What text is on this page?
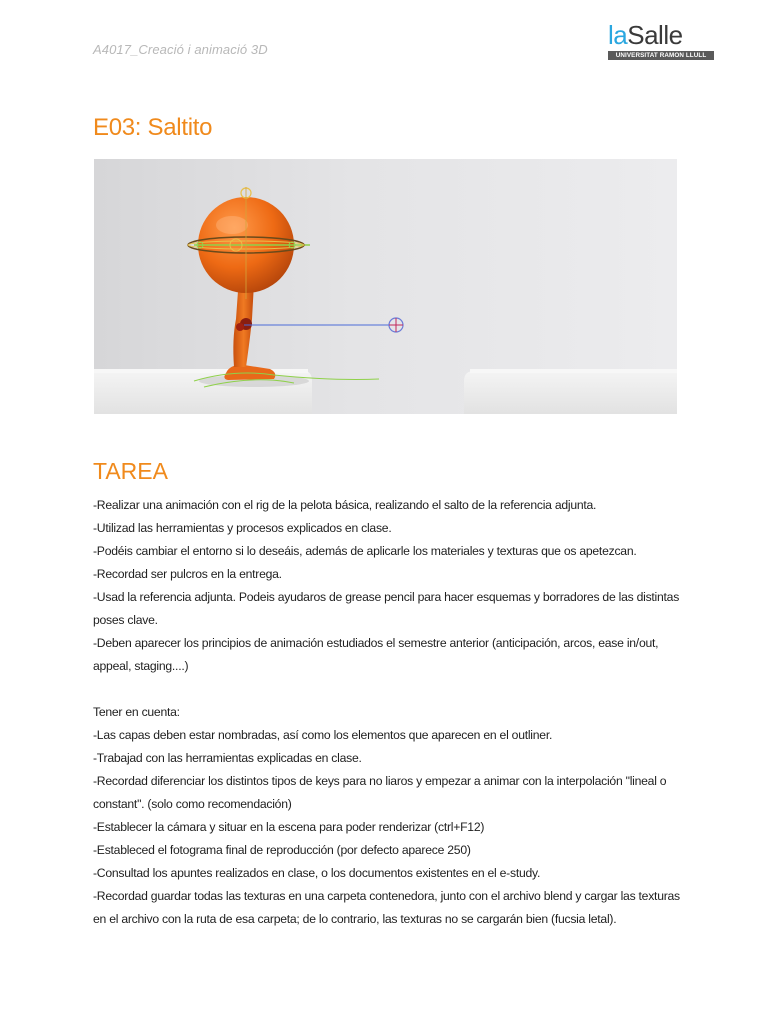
A4017_Creació i animació 3D	laSalle
UNIVERSITAT RAMON LLULL
E03: Saltito
TAREA

-Realizar una animación con el rig de la pelota básica, realizando el salto de la referencia adjunta.

-Utilizad las herramientas y procesos explicados en clase.

-Podéis cambiar el entorno si lo deseáis, además de aplicarle los materiales y texturas que os apetezcan.

-Recordad ser pulcros en la entrega.

-Usad la referencia adjunta. Podeis ayudaros de grease pencil para hacer esquemas y borradores de las distintas poses clave.

-Deben aparecer los principios de animación estudiados el semestre anterior (anticipación, arcos, ease in/out, appeal, staging....)

Tener en cuenta:

-Las capas deben estar nombradas, así como los elementos que aparecen en el outliner.

-Trabajad con las herramientas explicadas en clase.

-Recordad diferenciar los distintos tipos de keys para no liaros y empezar a animar con la interpolación "lineal o constant". (solo como recomendación)

-Establecer la cámara y situar en la escena para poder renderizar (ctrl+F12)

-Estableced el fotograma final de reproducción (por defecto aparece 250)

-Consultad los apuntes realizados en clase, o los documentos existentes en el e-study.

-Recordad guardar todas las texturas en una carpeta contenedora, junto con el archivo blend y cargar las texturas en el archivo con la ruta de esa carpeta; de lo contrario, las texturas no se cargarán bien (fucsia letal).
